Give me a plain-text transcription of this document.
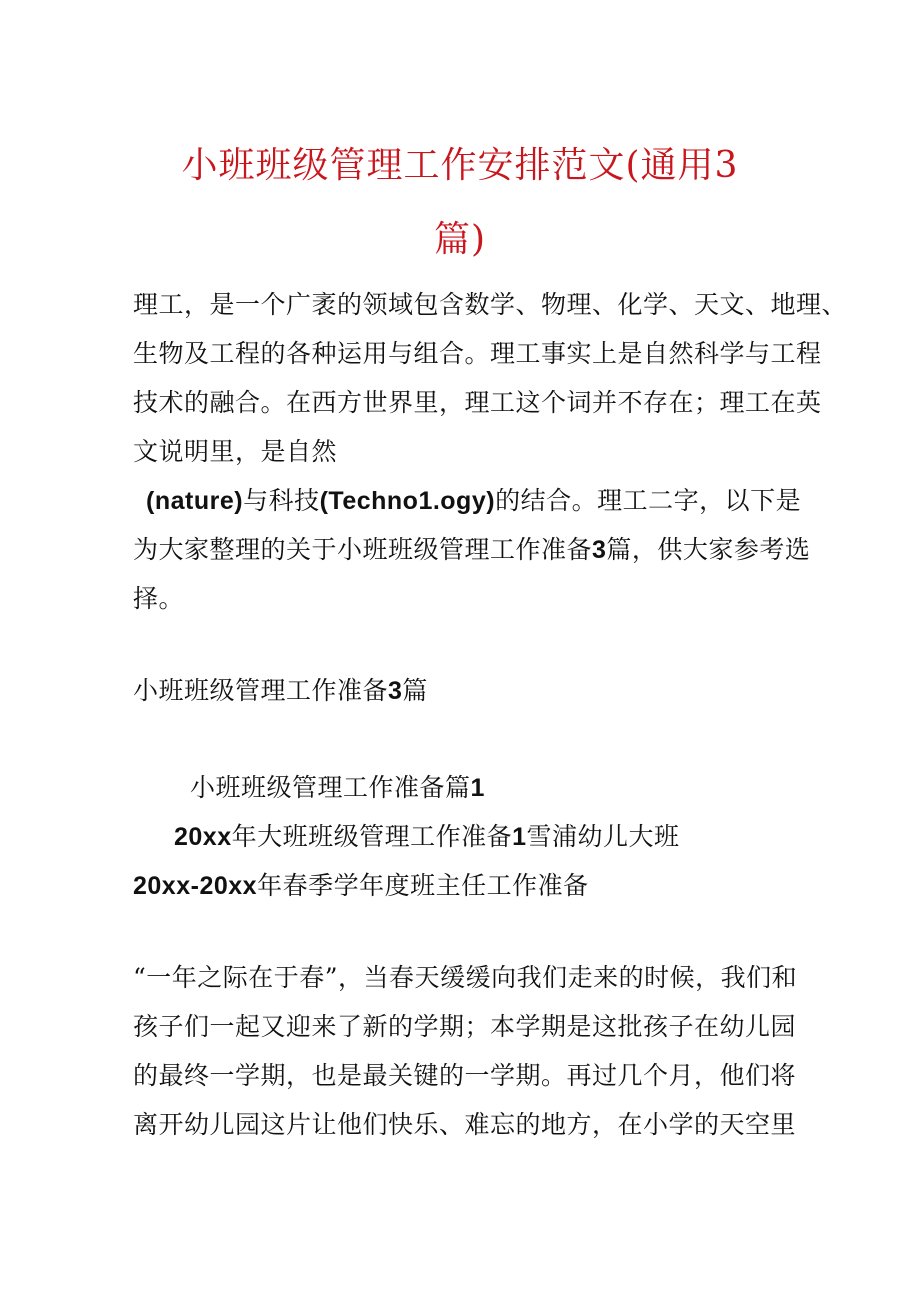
小班班级管理工作安排范文(通用3
篇)
理工，是一个广袤的领域包含数学、物理、化学、天文、地理、
生物及工程的各种运用与组合。理工事实上是自然科学与工程
技术的融合。在西方世界里，理工这个词并不存在；理工在英
文说明里，是自然
(nature)与科技(Techno1.ogy)的结合。理工二字，以下是
为大家整理的关于小班班级管理工作准备3篇，供大家参考选
择。
小班班级管理工作准备3篇
小班班级管理工作准备篇1
20xx年大班班级管理工作准备1雪浦幼儿大班
20xx-20xx年春季学年度班主任工作准备
“一年之际在于春”，当春天缓缓向我们走来的时候，我们和
孩子们一起又迎来了新的学期；本学期是这批孩子在幼儿园
的最终一学期，也是最关键的一学期。再过几个月，他们将
离开幼儿园这片让他们快乐、难忘的地方，在小学的天空里
